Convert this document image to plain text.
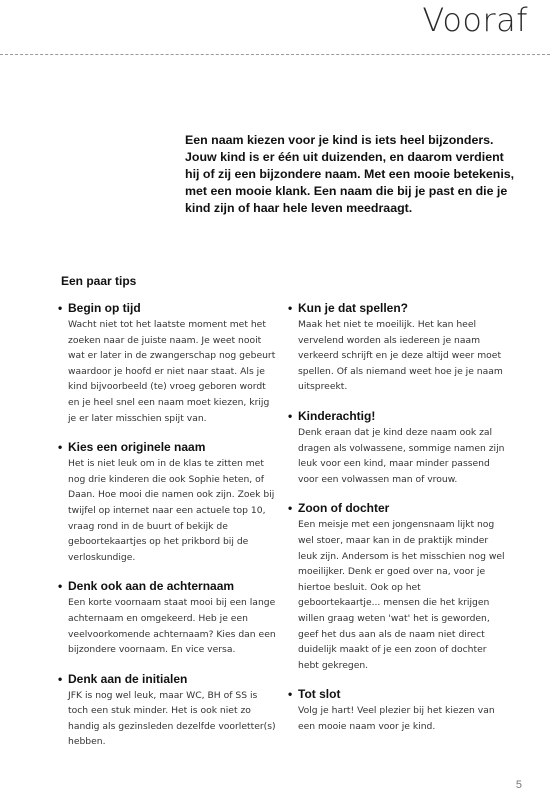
Vooraf
Een naam kiezen voor je kind is iets heel bijzonders. Jouw kind is er één uit duizenden, en daarom verdient hij of zij een bijzondere naam. Met een mooie betekenis, met een mooie klank. Een naam die bij je past en die je kind zijn of haar hele leven meedraagt.
Een paar tips
• Begin op tijd
Wacht niet tot het laatste moment met het zoeken naar de juiste naam. Je weet nooit wat er later in de zwangerschap nog gebeurt waardoor je hoofd er niet naar staat. Als je kind bijvoorbeeld (te) vroeg geboren wordt en je heel snel een naam moet kiezen, krijg je er later misschien spijt van.
• Kies een originele naam
Het is niet leuk om in de klas te zitten met nog drie kinderen die ook Sophie heten, of Daan. Hoe mooi die namen ook zijn. Zoek bij twijfel op internet naar een actuele top 10, vraag rond in de buurt of bekijk de geboortekaartjes op het prikbord bij de verloskundige.
• Denk ook aan de achternaam
Een korte voornaam staat mooi bij een lange achternaam en omgekeerd. Heb je een veelvoorkomende achternaam? Kies dan een bijzondere voornaam. En vice versa.
• Denk aan de initialen
JFK is nog wel leuk, maar WC, BH of SS is toch een stuk minder. Het is ook niet zo handig als gezinsleden dezelfde voorletter(s) hebben.
• Kun je dat spellen?
Maak het niet te moeilijk. Het kan heel vervelend worden als iedereen je naam verkeerd schrijft en je deze altijd weer moet spellen. Of als niemand weet hoe je je naam uitspreekt.
• Kinderachtig!
Denk eraan dat je kind deze naam ook zal dragen als volwassene, sommige namen zijn leuk voor een kind, maar minder passend voor een volwassen man of vrouw.
• Zoon of dochter
Een meisje met een jongensnaam lijkt nog wel stoer, maar kan in de praktijk minder leuk zijn. Andersom is het misschien nog wel moeilijker. Denk er goed over na, voor je hiertoe besluit. Ook op het geboortekaartje... mensen die het krijgen willen graag weten 'wat' het is geworden, geef het dus aan als de naam niet direct duidelijk maakt of je een zoon of dochter hebt gekregen.
• Tot slot
Volg je hart! Veel plezier bij het kiezen van een mooie naam voor je kind.
5
